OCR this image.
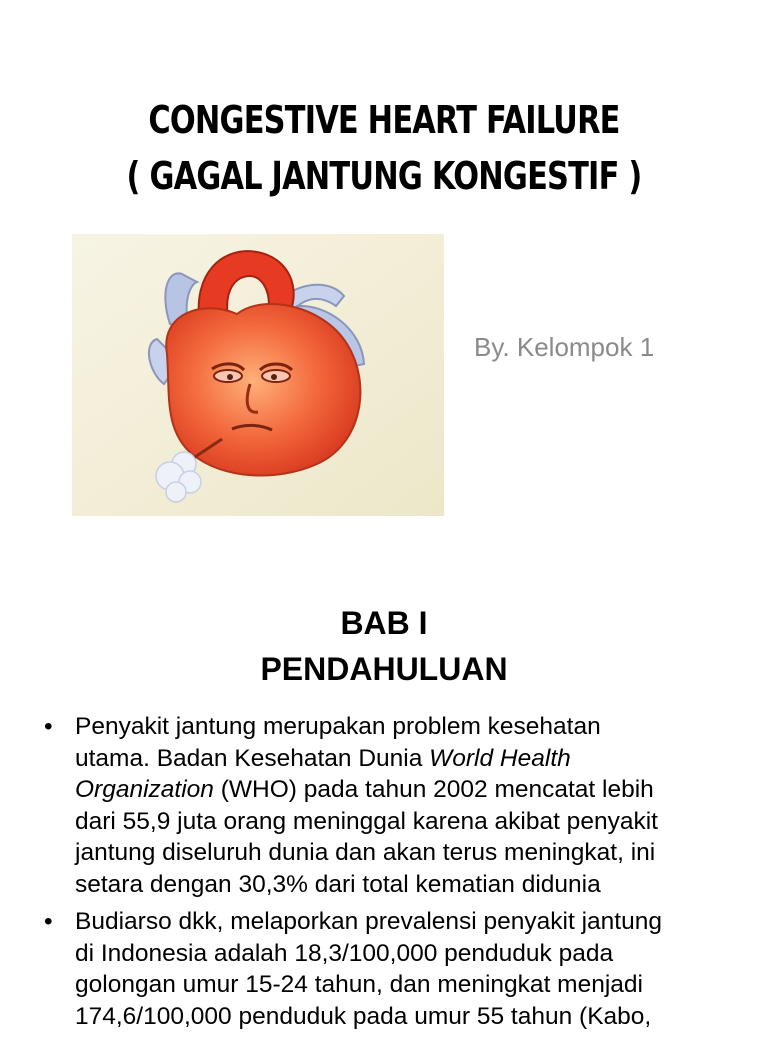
CONGESTIVE HEART FAILURE
( GAGAL JANTUNG KONGESTIF )
By. Kelompok 1
BAB I
PENDAHULUAN
• Penyakit jantung merupakan problem kesehatan
utama. Badan Kesehatan Dunia World Health
Organization (WHO) pada tahun 2002 mencatat lebih
dari 55,9 juta orang meninggal karena akibat penyakit
jantung diseluruh dunia dan akan terus meningkat, ini
setara dengan 30,3% dari total kematian didunia
• Budiarso dkk, melaporkan prevalensi penyakit jantung
di Indonesia adalah 18,3/100,000 penduduk pada
golongan umur 15-24 tahun, dan meningkat menjadi
174,6/100,000 penduduk pada umur 55 tahun (Kabo,
